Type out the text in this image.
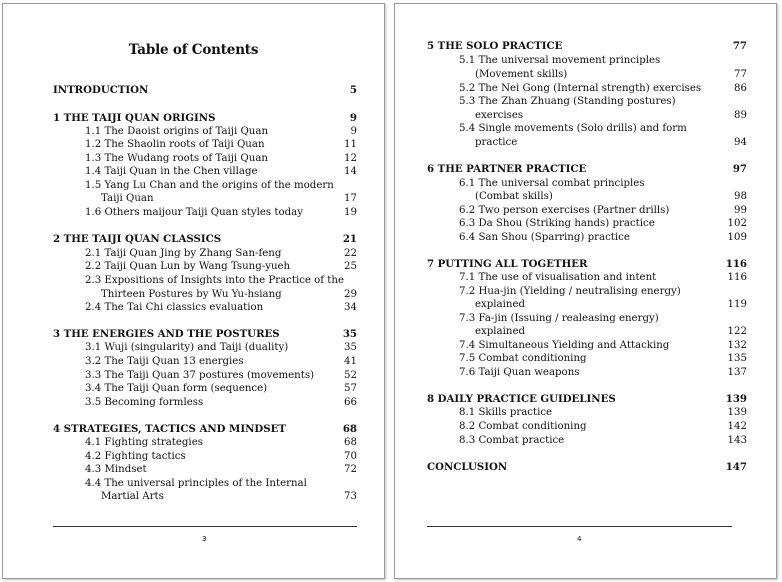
Table of Contents
INTRODUCTION	5
1 THE TAIJI QUAN ORIGINS	9
1.1 The Daoist origins of Taiji Quan	9
1.2 The Shaolin roots of Taiji Quan	11
1.3 The Wudang roots of Taiji Quan	12
1.4 Taiji Quan in the Chen village	14
1.5 Yang Lu Chan and the origins of the modern
Taiji Quan	17
1.6 Others maijour Taiji Quan styles today	19
2 THE TAIJI QUAN CLASSICS	21
2.1 Taiji Quan Jing by Zhang San-feng	22
2.2 Taiji Quan Lun by Wang Tsung-yueh	25
2.3 Expositions of Insights into the Practice of the
Thirteen Postures by Wu Yu-hsiang	29
2.4 The Tai Chi classics evaluation	34
3 THE ENERGIES AND THE POSTURES	35
3.1 Wuji (singularity) and Taiji (duality)	35
3.2 The Taiji Quan 13 energies	41
3.3 The Taiji Quan 37 postures (movements)	52
3.4 The Taiji Quan form (sequence)	57
3.5 Becoming formless	66
4 STRATEGIES, TACTICS AND MINDSET	68
4.1 Fighting strategies	68
4.2 Fighting tactics	70
4.3 Mindset	72
4.4 The universal principles of the Internal
Martial Arts	73
3
5 THE SOLO PRACTICE	77
5.1 The universal movement principles
(Movement skills)	77
5.2 The Nei Gong (Internal strength) exercises	86
5.3 The Zhan Zhuang (Standing postures)
exercises	89
5.4 Single movements (Solo drills) and form
practice	94
6 THE PARTNER PRACTICE	97
6.1 The universal combat principles
(Combat skills)	98
6.2 Two person exercises (Partner drills)	99
6.3 Da Shou (Striking hands) practice	102
6.4 San Shou (Sparring) practice	109
7 PUTTING ALL TOGETHER	116
7.1 The use of visualisation and intent	116
7.2 Hua-jin (Yielding / neutralising energy)
explained	119
7.3 Fa-jin (Issuing / realeasing energy)
explained	122
7.4 Simultaneous Yielding and Attacking	132
7.5 Combat conditioning	135
7.6 Taiji Quan weapons	137
8 DAILY PRACTICE GUIDELINES	139
8.1 Skills practice	139
8.2 Combat conditioning	142
8.3 Combat practice	143
CONCLUSION	147
4
